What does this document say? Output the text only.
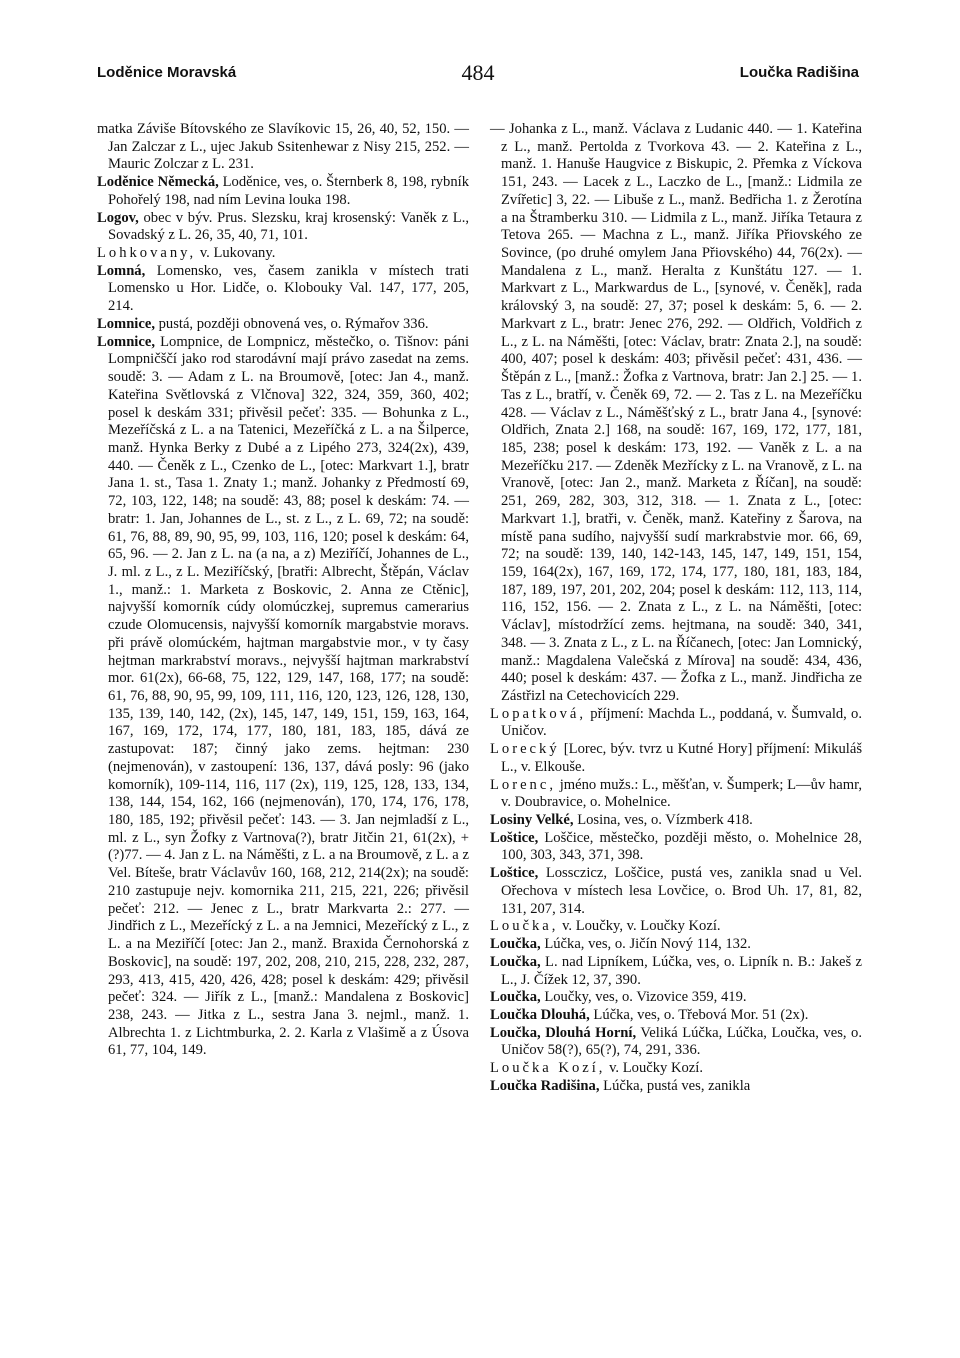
Loděnice Moravská	484	Loučka Radišina

matka Záviše Bítovského ze Slavíkovic 15, 26, 40, 52, 150. — Jan Zalczar z L., ujec Jakub Ssitenhewar z Nisy 215, 252. — Mauric Zolczar z L. 231.

Loděnice Německá, Loděnice, ves, o. Šternberk 8, 198, rybník Pohořelý 198, nad ním Levina louka 198.

Logov, obec v býv. Prus. Slezsku, kraj krosenský: Vaněk z L., Sovadský z L. 26, 35, 40, 71, 101.

Lohkovany, v. Lukovany.

Lomná, Lomensko, ves, časem zanikla v místech trati Lomensko u Hor. Lidče, o. Klobouky Val. 147, 177, 205, 214.

Lomnice, pustá, později obnovená ves, o. Rýmařov 336.

Lomnice, Lompnice, de Lompnicz, městečko, o. Tišnov: páni Lompničščí jako rod starodávní mají právo zasedat na zems. soudě: 3. — Adam z L. na Broumově, [otec: Jan 4., manž. Kateřina Světlovská z Vlčnova] 322, 324, 359, 360, 402; posel k deskám 331; přivěsil pečeť: 335. — Bohunka z L., Mezeříčská z L. a na Tatenici, Mezeříčká z L. a na Šilperce, manž. Hynka Berky z Dubé a z Lipého 273, 324(2x), 439, 440. — Čeněk z L., Czenko de L., [otec: Markvart 1.], bratr Jana 1. st., Tasa 1. Znaty 1.; manž. Johanky z Předmostí 69, 72, 103, 122, 148; na soudě: 43, 88; posel k deskám: 74. — bratr: 1. Jan, Johannes de L., st. z L., z L. 69, 72; na soudě: 61, 76, 88, 89, 90, 95, 99, 103, 116, 120; posel k deskám: 64, 65, 96. — 2. Jan z L. na (a na, a z) Meziříčí, Johannes de L., J. ml. z L., z L. Meziříčský, [bratři: Albrecht, Štěpán, Václav 1., manž.: 1. Marketa z Boskovic, 2. Anna ze Ctěnic], najvyšší komorník cúdy olomúczkej, supremus camerarius czude Olomucensis, najvyšší komorník margabstvie moravs. při právě olomúckém, hajtman margabstvie mor., v ty časy hejtman markrabství moravs., nejvyšší hajtman markrabství mor. 61(2x), 66-68, 75, 122, 129, 147, 168, 177; na soudě: 61, 76, 88, 90, 95, 99, 109, 111, 116, 120, 123, 126, 128, 130, 135, 139, 140, 142, (2x), 145, 147, 149, 151, 159, 163, 164, 167, 169, 172, 174, 177, 180, 181, 183, 185, dává ze zastupovat: 187; činný jako zems. hejtman: 230 (nejmenován), v zastoupení: 136, 137, dává posly: 96 (jako komorník), 109-114, 116, 117 (2x), 119, 125, 128, 133, 134, 138, 144, 154, 162, 166 (nejmenován), 170, 174, 176, 178, 180, 185, 192; přivěsil pečeť: 143. — 3. Jan nejmladší z L., ml. z L., syn Žofky z Vartnova(?), bratr Jitčin 21, 61(2x), +(?)77. — 4. Jan z L. na Náměšti, z L. a na Broumově, z L. a z Vel. Bíteše, bratr Václavův 160, 168, 212, 214(2x); na soudě: 210 zastupuje nejv. komornika 211, 215, 221, 226; přivěsil pečeť: 212. — Jenec z L., bratr Markvarta 2.: 277. — Jindřich z L., Mezeřícký z L. a na Jemnici, Mezeřícký z L., z L. a na Meziříčí [otec: Jan 2., manž. Braxida Černohorská z Boskovic], na soudě: 197, 202, 208, 210, 215, 228, 232, 287, 293, 413, 415, 420, 426, 428; posel k deskám: 429; přivěsil pečeť: 324. — Jiřík z L., [manž.: Mandalena z Boskovic] 238, 243. — Jitka z L., sestra Jana 3. nejml., manž. 1. Albrechta 1. z Lichtmburka, 2. 2. Karla z Vlašimě a z Úsova 61, 77, 104, 149.

— Johanka z L., manž. Václava z Ludanic 440. — 1. Kateřina z L., manž. Pertolda z Tvorkova 43. — 2. Kateřina z L., manž. 1. Hanuše Haugvice z Biskupic, 2. Přemka z Víckova 151, 243. — Lacek z L., Laczko de L., [manž.: Lidmila ze Zvířetic] 3, 22. — Libuše z L., manž. Bedřicha 1. z Žerotína a na Štramberku 310. — Lidmila z L., manž. Jiříka Tetaura z Tetova 265. — Machna z L., manž. Jiříka Přiovského ze Sovince, (po druhé omylem Jana Přiovského) 44, 76(2x). — Mandalena z L., manž. Heralta z Kunštátu 127. — 1. Markvart z L., Markwardus de L., [synové, v. Čeněk], rada královský 3, na soudě: 27, 37; posel k deskám: 5, 6. — 2. Markvart z L., bratr: Jenec 276, 292. — Oldřich, Voldřich z L., z L. na Náměšti, [otec: Václav, bratr: Znata 2.], na soudě: 400, 407; posel k deskám: 403; přivěsil pečeť: 431, 436. — Štěpán z L., [manž.: Žofka z Vartnova, bratr: Jan 2.] 25. — 1. Tas z L., bratří, v. Čeněk 69, 72. — 2. Tas z L. na Mezeříčku 428. — Václav z L., Náměšťský z L., bratr Jana 4., [synové: Oldřich, Znata 2.] 168, na soudě: 167, 169, 172, 177, 181, 185, 238; posel k deskám: 173, 192. — Vaněk z L. a na Mezeříčku 217. — Zdeněk Mezřícky z L. na Vranově, z L. na Vranově, [otec: Jan 2., manž. Marketa z Říčan], na soudě: 251, 269, 282, 303, 312, 318. — 1. Znata z L., [otec: Markvart 1.], bratři, v. Čeněk, manž. Kateřiny z Šarova, na místě pana sudího, najvyšší sudí markrabstvie mor. 66, 69, 72; na soudě: 139, 140, 142-143, 145, 147, 149, 151, 154, 159, 164(2x), 167, 169, 172, 174, 177, 180, 181, 183, 184, 187, 189, 197, 201, 202, 204; posel k deskám: 112, 113, 114, 116, 152, 156. — 2. Znata z L., z L. na Náměšti, [otec: Václav], místodržící zems. hejtmana, na soudě: 340, 341, 348. — 3. Znata z L., z L. na Říčanech, [otec: Jan Lomnický, manž.: Magdalena Valečská z Mírova] na soudě: 434, 436, 440; posel k deskám: 437. — Žofka z L., manž. Jindřicha ze Zástřizl na Cetechovicích 229.

Lopatková, příjmení: Machda L., poddaná, v. Šumvald, o. Uničov.

Lorecký [Lorec, býv. tvrz u Kutné Hory] příjmení: Mikuláš L., v. Elkouše.

Lorenc, jméno mužs.: L., měšťan, v. Šumperk; L—ův hamr, v. Doubravice, o. Mohelnice.

Losiny Velké, Losina, ves, o. Vízmberk 418.

Loštice, Loščice, městečko, později město, o. Mohelnice 28, 100, 303, 343, 371, 398.

Loštice, Lossczicz, Loščice, pustá ves, zanikla snad u Vel. Ořechova v místech lesa Lovčice, o. Brod Uh. 17, 81, 82, 131, 207, 314.

Loučka, v. Loučky, v. Loučky Kozí.

Loučka, Lúčka, ves, o. Jičín Nový 114, 132.

Loučka, L. nad Lipníkem, Lúčka, ves, o. Lipník n. B.: Jakeš z L., J. Čížek 12, 37, 390.

Loučka, Loučky, ves, o. Vizovice 359, 419.

Loučka Dlouhá, Lúčka, ves, o. Třebová Mor. 51 (2x).

Loučka, Dlouhá Horní, Veliká Lúčka, Lúčka, Loučka, ves, o. Uničov 58(?), 65(?), 74, 291, 336.

Loučka Kozí, v. Loučky Kozí.

Loučka Radišina, Lúčka, pustá ves, zanikla
